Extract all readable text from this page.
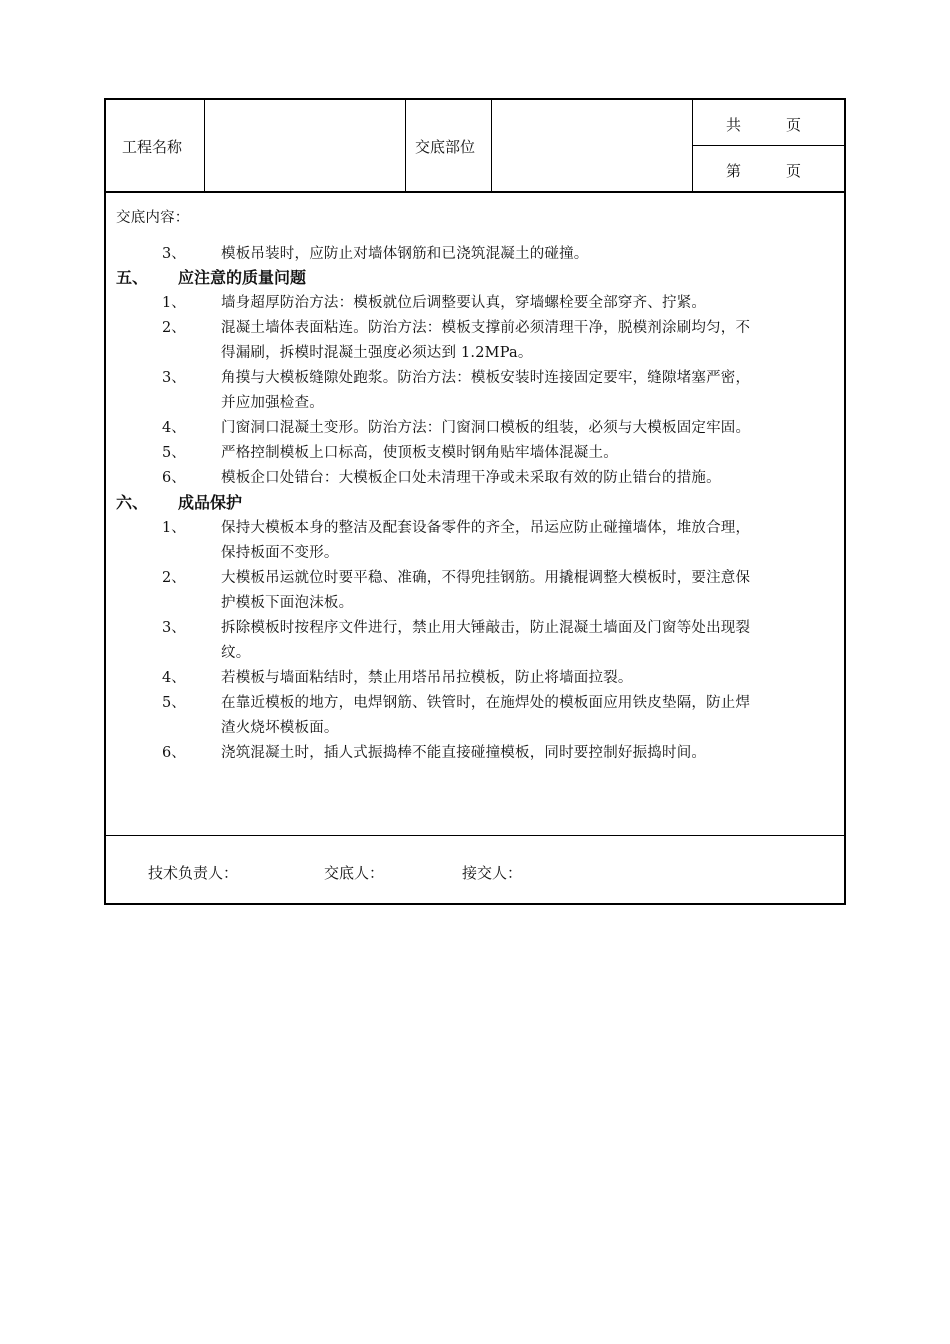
工程名称	交底部位
共　　　页
第　　　页
交底内容：
3、 模板吊装时，应防止对墙体钢筋和已浇筑混凝土的碰撞。
五、 应注意的质量问题
1、 墙身超厚防治方法：模板就位后调整要认真，穿墙螺栓要全部穿齐、拧紧。
2、 混凝土墙体表面粘连。防治方法：模板支撑前必须清理干净，脱模剂涂刷均匀，不
得漏刷，拆模时混凝土强度必须达到 1.2MPa。
3、 角摸与大模板缝隙处跑浆。防治方法：模板安装时连接固定要牢，缝隙堵塞严密，
并应加强检查。
4、 门窗洞口混凝土变形。防治方法：门窗洞口模板的组装，必须与大模板固定牢固。
5、 严格控制模板上口标高，使顶板支模时钢角贴牢墙体混凝土。
6、 模板企口处错台：大模板企口处未清理干净或未采取有效的防止错台的措施。
六、 成品保护
1、 保持大模板本身的整洁及配套设备零件的齐全，吊运应防止碰撞墙体，堆放合理，
保持板面不变形。
2、 大模板吊运就位时要平稳、准确，不得兜挂钢筋。用撬棍调整大模板时，要注意保
护模板下面泡沫板。
3、 拆除模板时按程序文件进行，禁止用大锤敲击，防止混凝土墙面及门窗等处出现裂
纹。
4、 若模板与墙面粘结时，禁止用塔吊吊拉模板，防止将墙面拉裂。
5、 在靠近模板的地方，电焊钢筋、铁管时，在施焊处的模板面应用铁皮垫隔，防止焊
渣火烧坏模板面。
6、 浇筑混凝土时，插人式振捣棒不能直接碰撞模板，同时要控制好振捣时间。
技术负责人：	交底人：	接交人：
